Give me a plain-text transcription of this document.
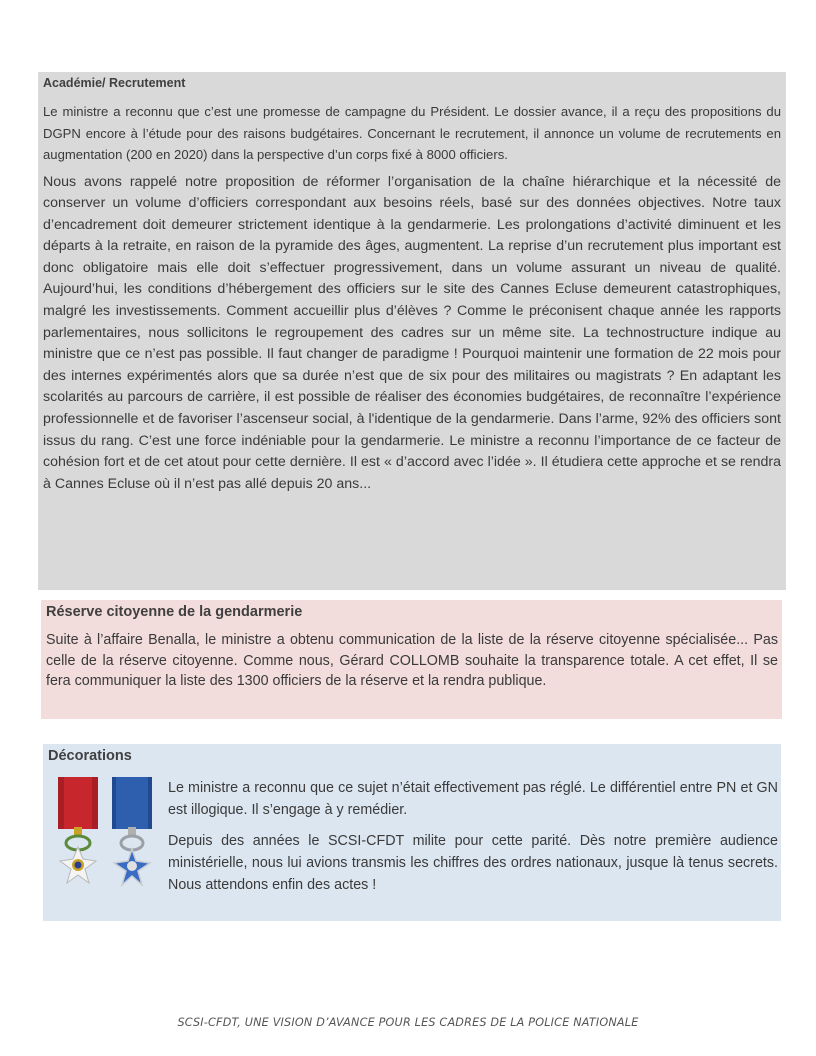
Académie/ Recrutement

Le ministre a reconnu que c’est une promesse de campagne du Président. Le dossier avance, il a reçu des propositions du DGPN encore à l’étude pour des raisons budgétaires. Concernant le recrutement, il annonce un volume de recrutements en augmentation (200 en 2020) dans la perspective d’un corps fixé à 8000 officiers.

Nous avons rappelé notre proposition de réformer l’organisation de la chaîne hiérarchique et la nécessité de conserver un volume d’officiers correspondant aux besoins réels, basé sur des données objectives. Notre taux d’encadrement doit demeurer strictement identique à la gendarmerie. Les prolongations d’activité diminuent et les départs à la retraite, en raison de la pyramide des âges, augmentent. La reprise d’un recrutement plus important est donc obligatoire mais elle doit s’effectuer progressivement, dans un volume assurant un niveau de qualité. Aujourd’hui, les conditions d’hébergement des officiers sur le site des Cannes Ecluse demeurent catastrophiques, malgré les investissements. Comment accueillir plus d’élèves ? Comme le préconisent chaque année les rapports parlementaires, nous sollicitons le regroupement des cadres sur un même site. La technostructure indique au ministre que ce n’est pas possible. Il faut changer de paradigme ! Pourquoi maintenir une formation de 22 mois pour des internes expérimentés alors que sa durée n’est que de six pour des militaires ou magistrats ? En adaptant les scolarités au parcours de carrière, il est possible de réaliser des économies budgétaires, de reconnaître l’expérience professionnelle et de favoriser l’ascenseur social, à l'identique de la gendarmerie. Dans l’arme, 92% des officiers sont issus du rang. C’est une force indéniable pour la gendarmerie. Le ministre a reconnu l’importance de ce facteur de cohésion fort et de cet atout pour cette dernière. Il est « d’accord avec l’idée ». Il étudiera cette approche et se rendra à Cannes Ecluse où il n’est pas allé depuis 20 ans...

Réserve citoyenne de la gendarmerie

Suite à l’affaire Benalla, le ministre a obtenu communication de la liste de la réserve citoyenne spécialisée... Pas celle de la réserve citoyenne. Comme nous, Gérard COLLOMB souhaite la transparence totale. A cet effet, Il se fera communiquer la liste des 1300 officiers de la réserve et la rendra publique.

Décorations

Le ministre a reconnu que ce sujet n’était effectivement pas réglé. Le différentiel entre PN et GN est illogique. Il s’engage à y remédier.

Depuis des années le SCSI-CFDT milite pour cette parité. Dès notre première audience ministérielle, nous lui avions transmis les chiffres des ordres nationaux, jusque là tenus secrets. Nous attendons enfin des actes !

SCSI-CFDT, UNE VISION D’AVANCE POUR LES CADRES DE LA POLICE NATIONALE
